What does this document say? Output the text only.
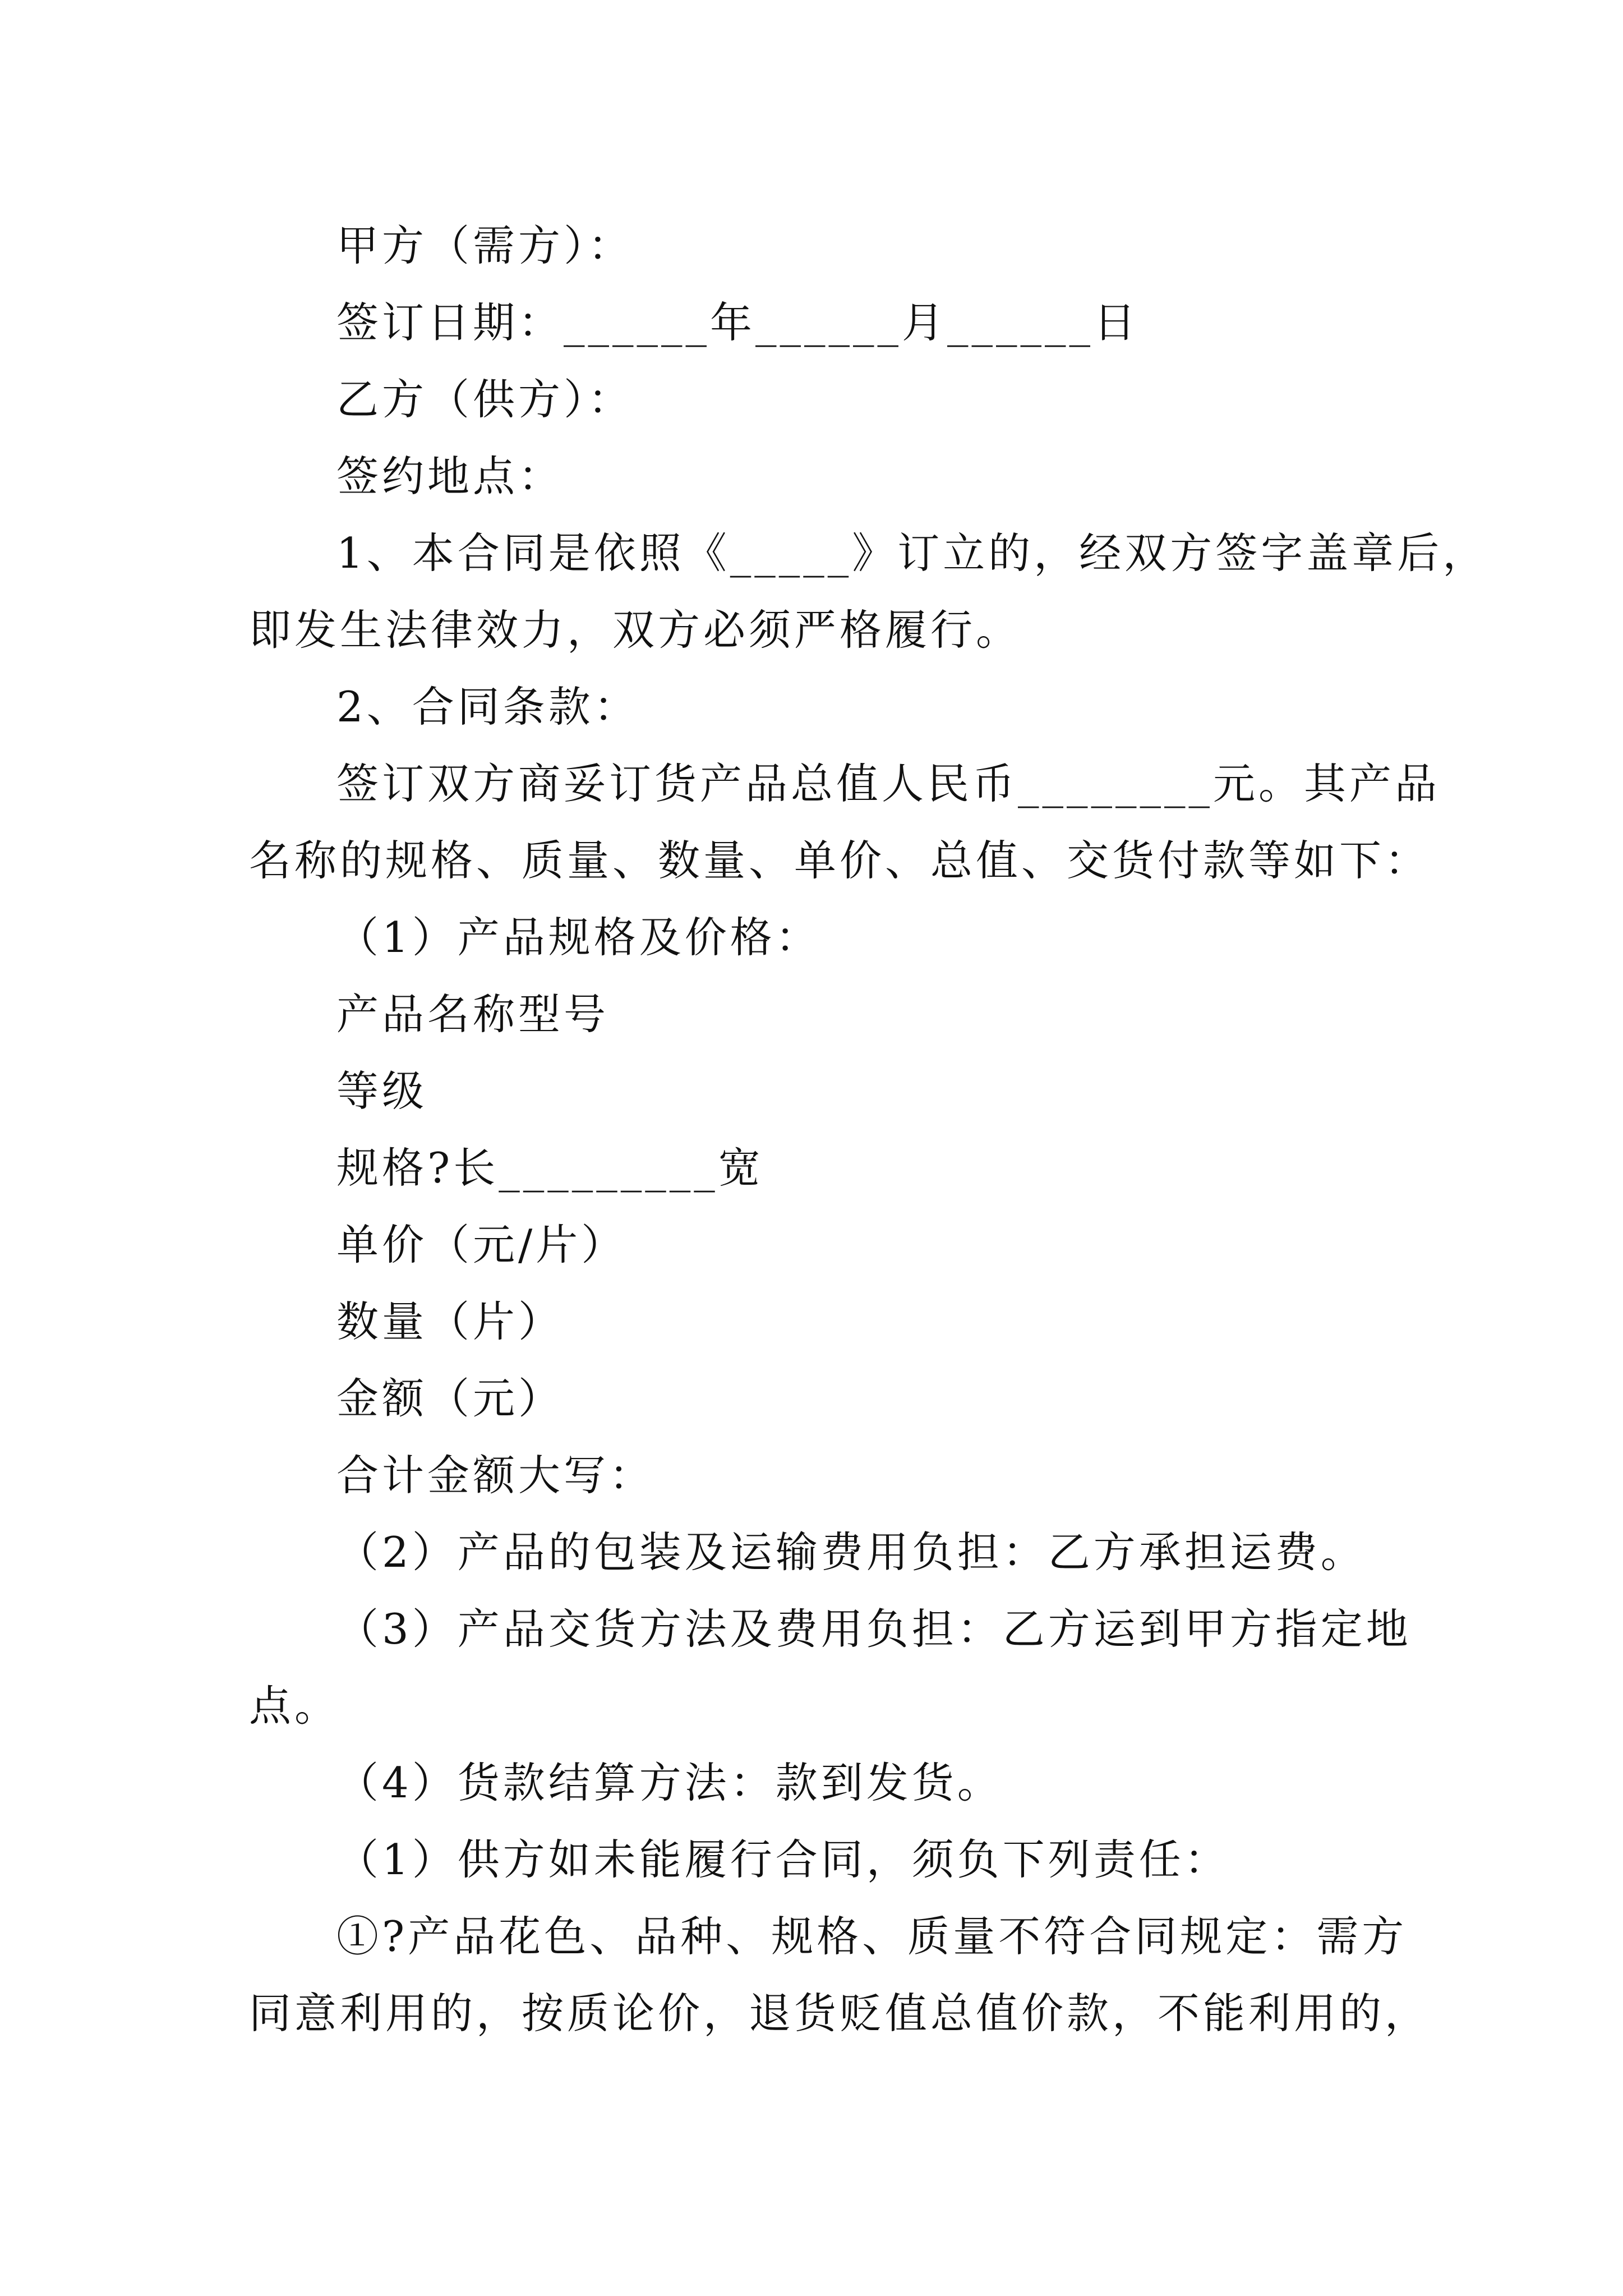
甲方（需方）：

签订日期：______年______月______日

乙方（供方）：

签约地点：

1、本合同是依照《_____》订立的，经双方签字盖章后，

即发生法律效力，双方必须严格履行。

2、合同条款：

签订双方商妥订货产品总值人民币________元。其产品

名称的规格、质量、数量、单价、总值、交货付款等如下：

（1）产品规格及价格：

产品名称型号

等级

规格?长_________宽

单价（元/片）

数量（片）

金额（元）

合计金额大写：

（2）产品的包装及运输费用负担：乙方承担运费。

（3）产品交货方法及费用负担：乙方运到甲方指定地

点。

（4）货款结算方法：款到发货。

（1）供方如未能履行合同，须负下列责任：

①?产品花色、品种、规格、质量不符合同规定：需方

同意利用的，按质论价，退货贬值总值价款，不能利用的，
